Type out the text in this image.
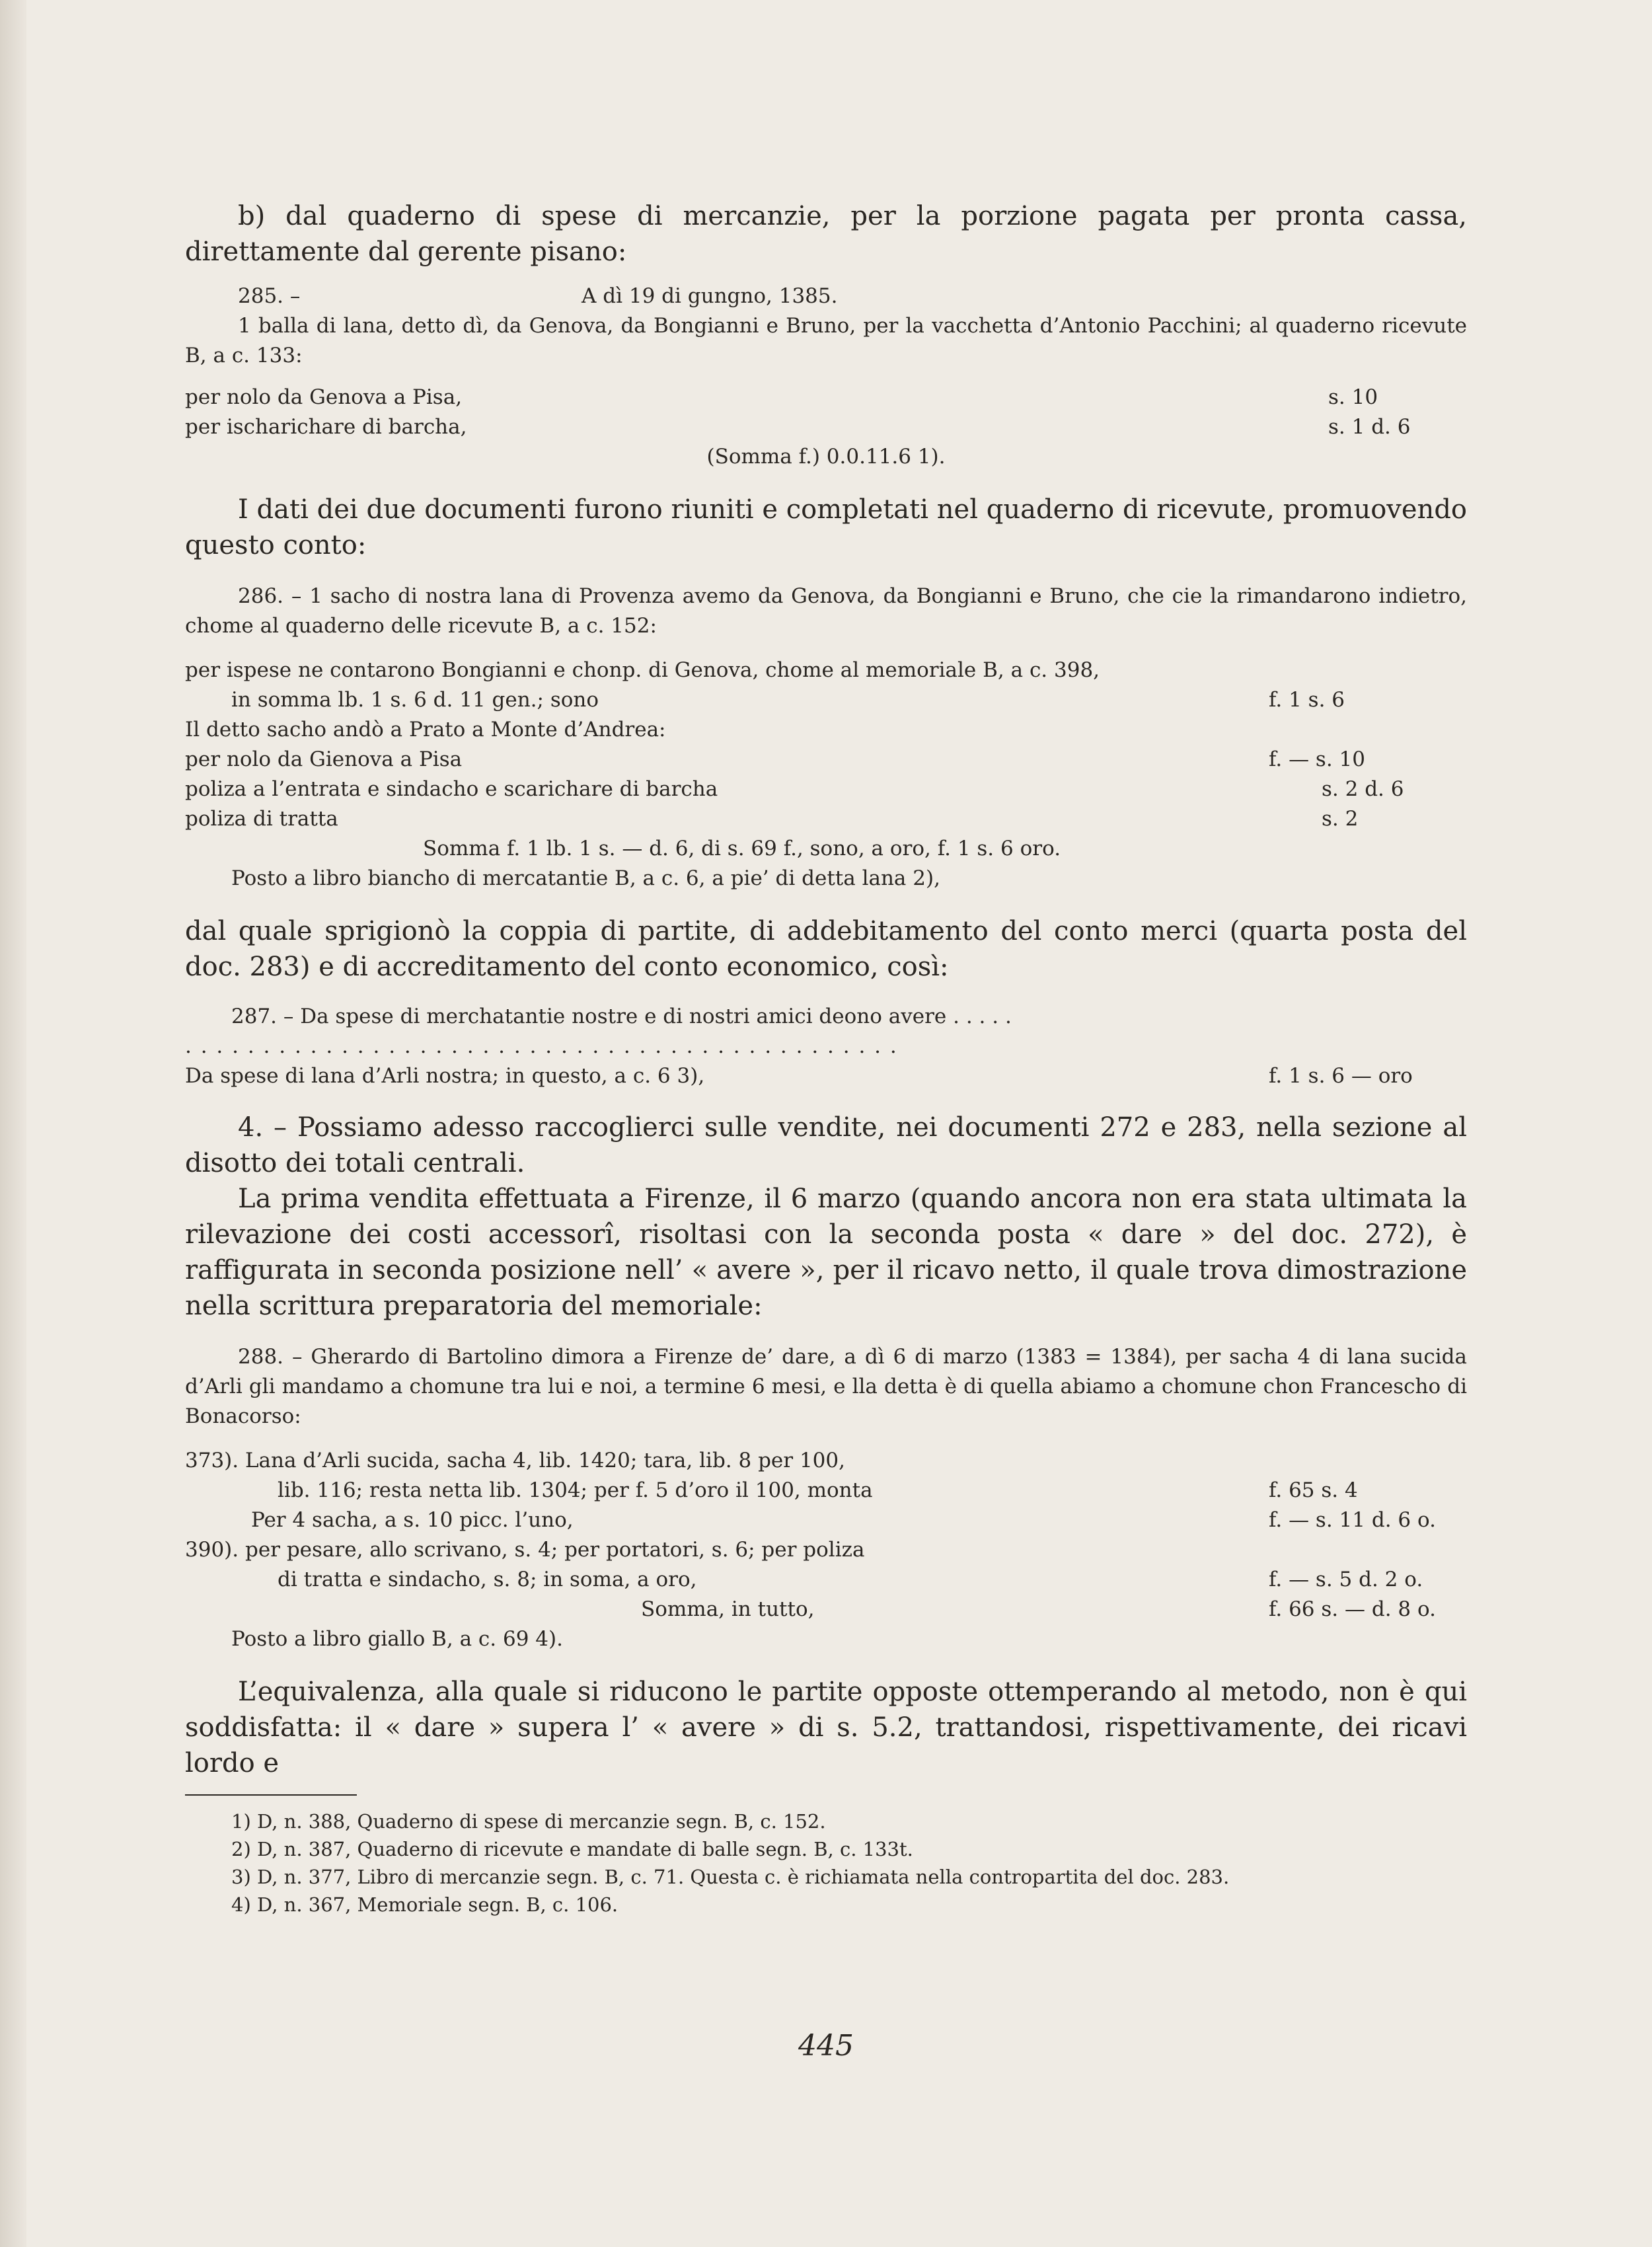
b) dal quaderno di spese di mercanzie, per la porzione pagata per pronta cassa, direttamente dal gerente pisano:

285. –	A dì 19 di gungno, 1385.

1 balla di lana, detto dì, da Genova, da Bongianni e Bruno, per la vacchetta d’Antonio Pacchini; al quaderno ricevute B, a c. 133:

per nolo da Genova a Pisa,	s. 10
per ischarichare di barcha,	s. 1 d. 6

(Somma f.) 0.0.11.6 1).

I dati dei due documenti furono riuniti e completati nel quaderno di ricevute, promuovendo questo conto:

286. – 1 sacho di nostra lana di Provenza avemo da Genova, da Bongianni e Bruno, che cie la rimandarono indietro, chome al quaderno delle ricevute B, a c. 152:

per ispese ne contarono Bongianni e chonp. di Genova, chome al memoriale B, a c. 398,

in somma lb. 1 s. 6 d. 11 gen.; sono	f. 1 s. 6

Il detto sacho andò a Prato a Monte d’Andrea:

per nolo da Gienova a Pisa	f. — s. 10
poliza a l’entrata e sindacho e scarichare di barcha	s. 2 d. 6
poliza di tratta	s. 2

Somma f. 1 lb. 1 s. — d. 6, di s. 69 f., sono, a oro, f. 1 s. 6 oro.

Posto a libro biancho di mercatantie B, a c. 6, a pie’ di detta lana 2),

dal quale sprigionò la coppia di partite, di addebitamento del conto merci (quarta posta del doc. 283) e di accreditamento del conto economico, così:

287. – Da spese di merchatantie nostre e di nostri amici deono avere . . . . .

. . . . . . . . . . . . . . . . . . . . . . . . . . . . . . . . . . . . . . . . . . . . . .

Da spese di lana d’Arli nostra; in questo, a c. 6 3),	f. 1 s. 6 — oro

4. – Possiamo adesso raccoglierci sulle vendite, nei documenti 272 e 283, nella sezione al disotto dei totali centrali.

La prima vendita effettuata a Firenze, il 6 marzo (quando ancora non era stata ultimata la rilevazione dei costi accessorî, risoltasi con la seconda posta « dare » del doc. 272), è raffigurata in seconda posizione nell’ « avere », per il ricavo netto, il quale trova dimostrazione nella scrittura preparatoria del memoriale:

288. – Gherardo di Bartolino dimora a Firenze de’ dare, a dì 6 di marzo (1383 = 1384), per sacha 4 di lana sucida d’Arli gli mandamo a chomune tra lui e noi, a termine 6 mesi, e lla detta è di quella abiamo a chomune chon Francescho di Bonacorso:

373). Lana d’Arli sucida, sacha 4, lib. 1420; tara, lib. 8 per 100,

lib. 116; resta netta lib. 1304; per f. 5 d’oro il 100, monta	f. 65 s. 4
Per 4 sacha, a s. 10 picc. l’uno,	f. — s. 11 d. 6 o.

390). per pesare, allo scrivano, s. 4; per portatori, s. 6; per poliza

di tratta e sindacho, s. 8; in soma, a oro,	f. — s. 5 d. 2 o.
Somma, in tutto,	f. 66 s. — d. 8 o.

Posto a libro giallo B, a c. 69 4).

L’equivalenza, alla quale si riducono le partite opposte ottemperando al metodo, non è qui soddisfatta: il « dare » supera l’ « avere » di s. 5.2, trattandosi, rispettivamente, dei ricavi lordo e

1) D, n. 388, Quaderno di spese di mercanzie segn. B, c. 152.
2) D, n. 387, Quaderno di ricevute e mandate di balle segn. B, c. 133t.
3) D, n. 377, Libro di mercanzie segn. B, c. 71. Questa c. è richiamata nella contropartita del doc. 283.
4) D, n. 367, Memoriale segn. B, c. 106.
445
